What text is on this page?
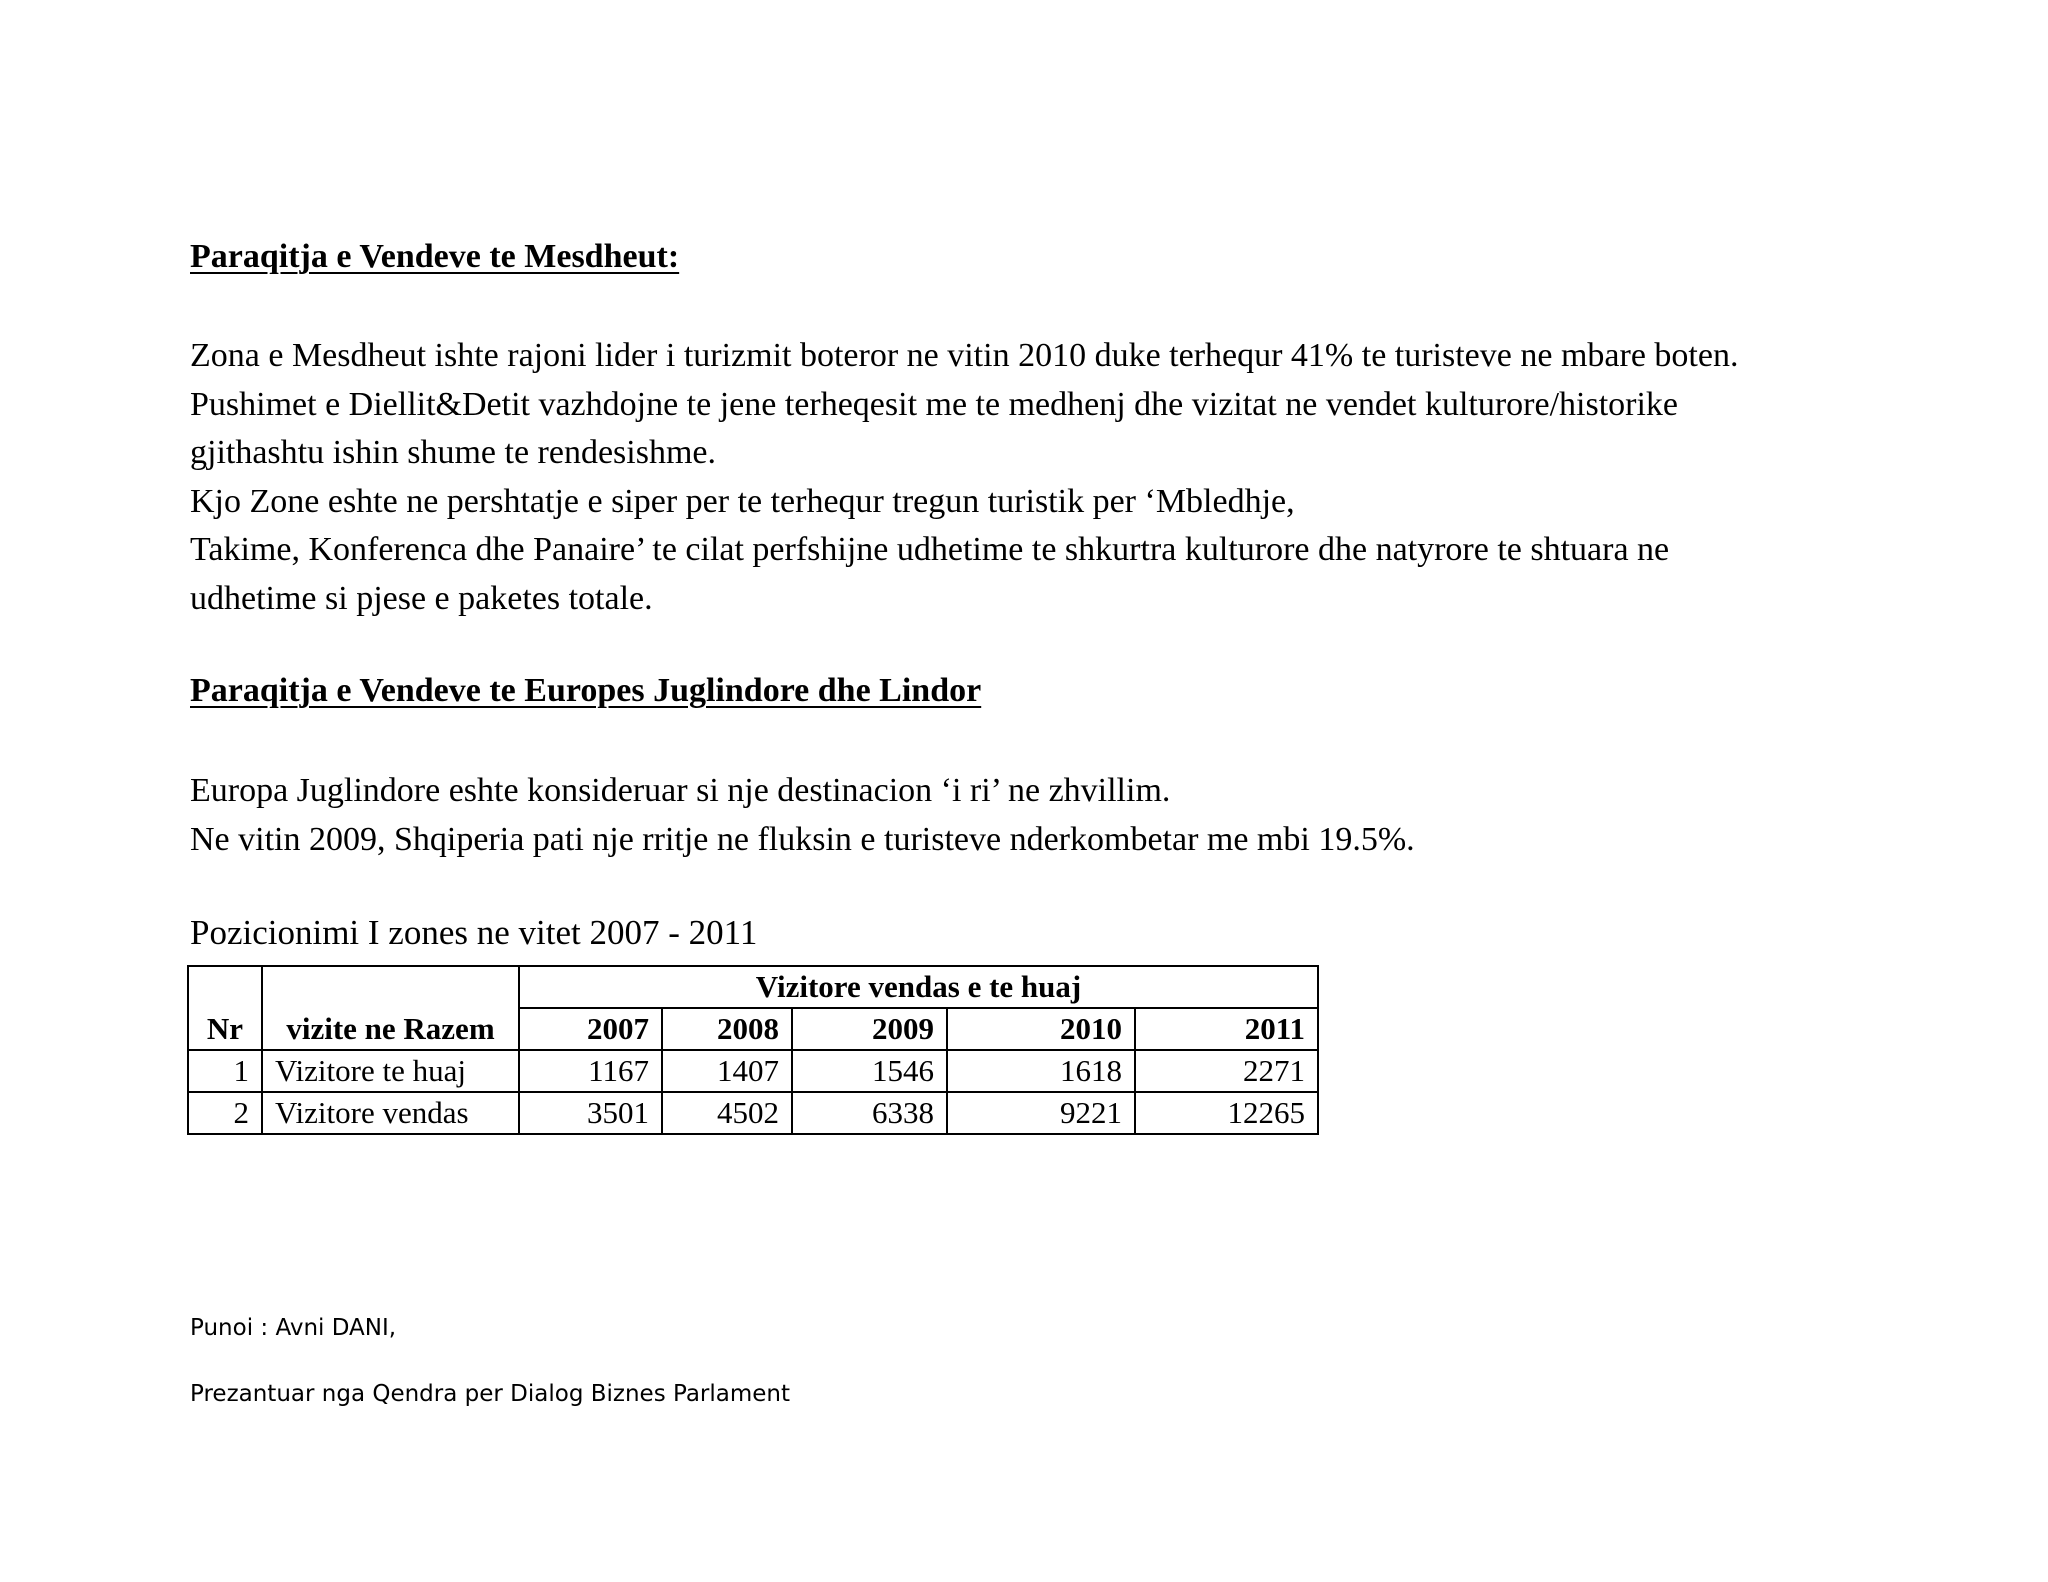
Paraqitja e Vendeve te Mesdheut:

Zona e Mesdheut ishte rajoni lider i turizmit boteror ne vitin 2010 duke terhequr 41% te turisteve ne mbare boten.
Pushimet e Diellit&Detit vazhdojne te jene terheqesit me te medhenj dhe vizitat ne vendet kulturore/historike
gjithashtu ishin shume te rendesishme.
Kjo Zone eshte ne pershtatje e siper per te terhequr tregun turistik per ‘Mbledhje,
Takime, Konferenca dhe Panaire’ te cilat perfshijne udhetime te shkurtra kulturore dhe natyrore te shtuara ne
udhetime si pjese e paketes totale.

Paraqitja e Vendeve te Europes Juglindore dhe Lindor

Europa Juglindore eshte konsideruar si nje destinacion ‘i ri’ ne zhvillim.
Ne vitin 2009, Shqiperia pati nje rritje ne fluksin e turisteve nderkombetar me mbi 19.5%.

Pozicionimi I zones ne vitet 2007 - 2011

		Vizitore vendas e te huaj				
Nr	vizite ne Razem	2007	2008	2009	2010	2011
1	Vizitore te huaj	1167	1407	1546	1618	2271
2	Vizitore vendas	3501	4502	6338	9221	12265

Punoi : Avni DANI,

Prezantuar nga Qendra per Dialog Biznes Parlament
